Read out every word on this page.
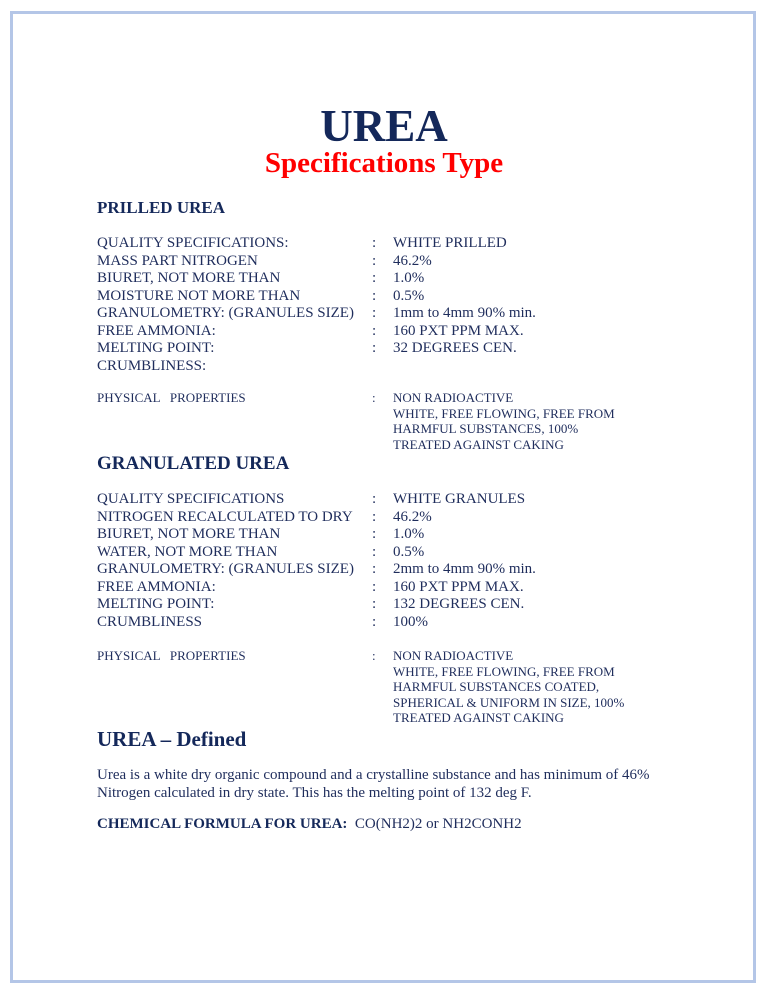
UREA
Specifications Type
PRILLED UREA
QUALITY SPECIFICATIONS:	: WHITE PRILLED
MASS PART NITROGEN	: 46.2%
BIURET, NOT MORE THAN	: 1.0%
MOISTURE NOT MORE THAN	: 0.5%
GRANULOMETRY: (GRANULES SIZE) : 1mm to 4mm 90% min.
FREE AMMONIA:	: 160 PXT PPM MAX.
MELTING POINT:	: 32 DEGREES CEN.
CRUMBLINESS:
PHYSICAL   PROPERTIES	: NON RADIOACTIVE
WHITE, FREE FLOWING, FREE FROM
HARMFUL SUBSTANCES, 100%
TREATED AGAINST CAKING
GRANULATED UREA
QUALITY SPECIFICATIONS	: WHITE GRANULES
NITROGEN RECALCULATED TO DRY : 46.2%
BIURET, NOT MORE THAN	: 1.0%
WATER, NOT MORE THAN	: 0.5%
GRANULOMETRY: (GRANULES SIZE) : 2mm to 4mm 90% min.
FREE AMMONIA:	: 160 PXT PPM MAX.
MELTING POINT:	: 132 DEGREES CEN.
CRUMBLINESS	: 100%
PHYSICAL   PROPERTIES	: NON RADIOACTIVE
WHITE, FREE FLOWING, FREE FROM
HARMFUL SUBSTANCES COATED,
SPHERICAL & UNIFORM IN SIZE, 100%
TREATED AGAINST CAKING
UREA – Defined
Urea is a white dry organic compound and a crystalline substance and has minimum of 46% Nitrogen calculated in dry state. This has the melting point of 132 deg F.
CHEMICAL FORMULA FOR UREA: CO(NH2)2 or NH2CONH2
